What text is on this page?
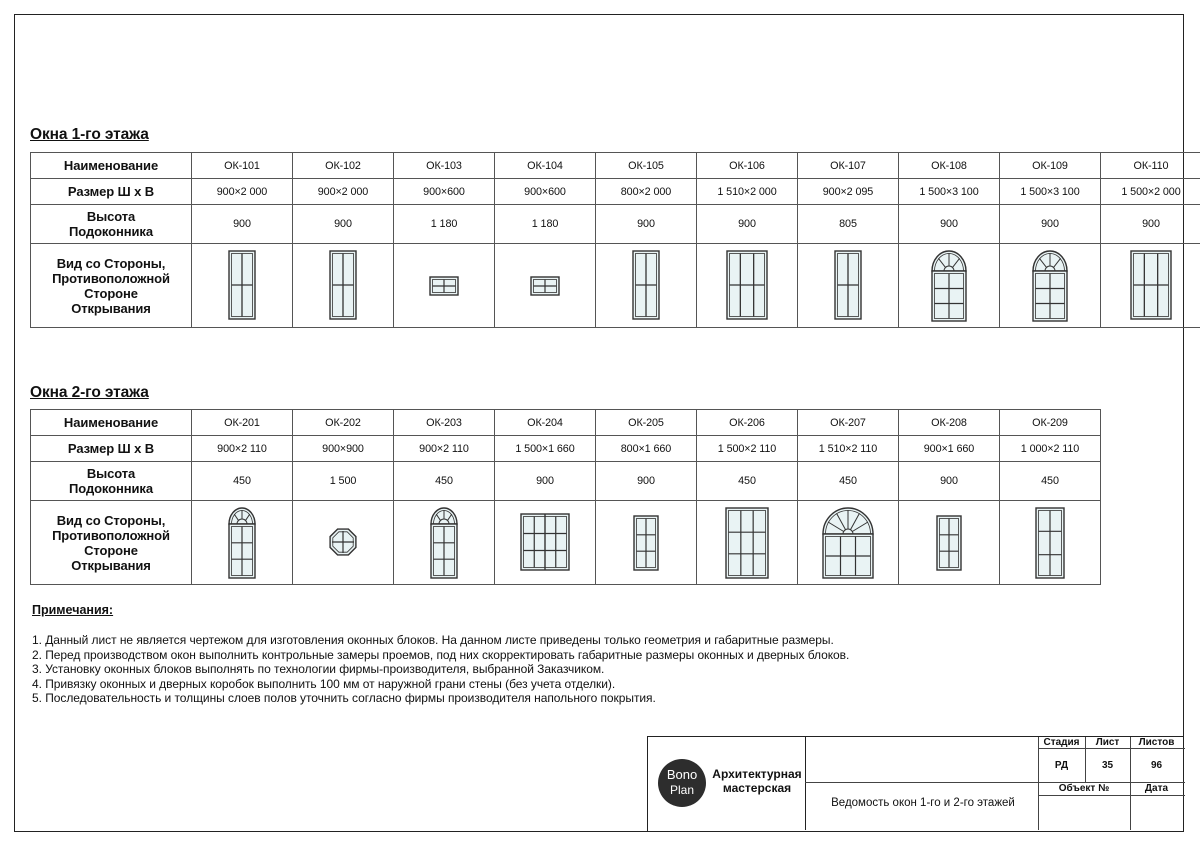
Окна 1-го этажа
Наименование	ОК-101	ОК-102	ОК-103	ОК-104	ОК-105	ОК-106	ОК-107	ОК-108	ОК-109	ОК-110
Размер Ш х В	900×2 000	900×2 000	900×600	900×600	800×2 000	1 510×2 000	900×2 095	1 500×3 100	1 500×3 100	1 500×2 000
Высота
Подоконника	900	900	1 180	1 180	900	900	805	900	900	900
Вид со Стороны,
Противоположной
Стороне
Открывания	

Окна 2-го этажа
Наименование	ОК-201	ОК-202	ОК-203	ОК-204	ОК-205	ОК-206	ОК-207	ОК-208	ОК-209
Размер Ш х В	900×2 110	900×900	900×2 110	1 500×1 660	800×1 660	1 500×2 110	1 510×2 110	900×1 660	1 000×2 110
Высота
Подоконника	450	1 500	450	900	900	450	450	900	450
Вид со Стороны,
Противоположной
Стороне
Открывания	

Примечания:
1. Данный лист не является чертежом для изготовления оконных блоков. На данном листе приведены только геометрия и габаритные размеры.
2. Перед производством окон выполнить контрольные замеры проемов, под них скорректировать габаритные размеры оконных и дверных блоков.
3. Установку оконных блоков выполнять по технологии фирмы-производителя, выбранной Заказчиком.
4. Привязку оконных и дверных коробок выполнить 100 мм от наружной грани стены (без учета отделки).
5. Последовательность и толщины слоев полов уточнить согласно фирмы производителя напольного покрытия.
Bono
Plan
Архитектурная
мастерская
Стадия	Лист	Листов
РД	35	96
Объект №	Дата
Ведомость окон 1-го и 2-го этажей
